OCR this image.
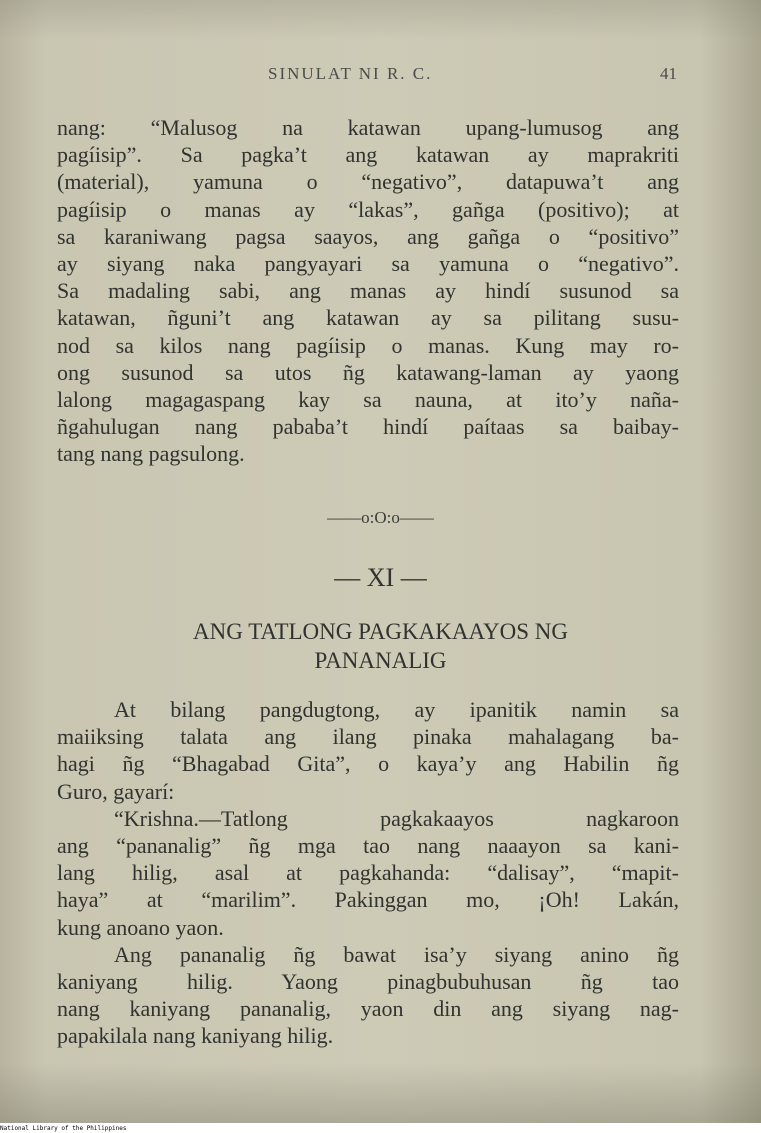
SINULAT NI R. C.	41
nang: “Malusog na katawan upang-lumusog ang
pagíisip”. Sa pagka’t ang katawan ay maprakriti
(material), yamuna o “negativo”, datapuwa’t ang
pagíisip o manas ay “lakas”, gañga (positivo); at
sa karaniwang pagsa saayos, ang gañga o “positivo”
ay siyang naka pangyayari sa yamuna o “negativo”.
Sa madaling sabi, ang manas ay hindí susunod sa
katawan, ñguni’t ang katawan ay sa pilitang susu-
nod sa kilos nang pagíisip o manas. Kung may ro-
ong susunod sa utos ñg katawang-laman ay yaong
lalong magagaspang kay sa nauna, at ito’y naña-
ñgahulugan nang pababa’t hindí paítaas sa baibay-
tang nang pagsulong.
——o:O:o——
— XI —
ANG TATLONG PAGKAKAAYOS NG
PANANALIG
At bilang pangdugtong, ay ipanitik namin sa
maiiksing talata ang ilang pinaka mahalagang ba-
hagi ñg “Bhagabad Gita”, o kaya’y ang Habilin ñg
Guro, gayarí:
“Krishna.—Tatlong pagkakaayos nagkaroon
ang “pananalig” ñg mga tao nang naaayon sa kani-
lang hilig, asal at pagkahanda: “dalisay”, “mapit-
haya” at “marilim”. Pakinggan mo, ¡Oh! Lakán,
kung anoano yaon.
Ang pananalig ñg bawat isa’y siyang anino ñg
kaniyang hilig. Yaong pinagbubuhusan ñg tao
nang kaniyang pananalig, yaon din ang siyang nag-
papakilala nang kaniyang hilig.
National Library of the Philippines
